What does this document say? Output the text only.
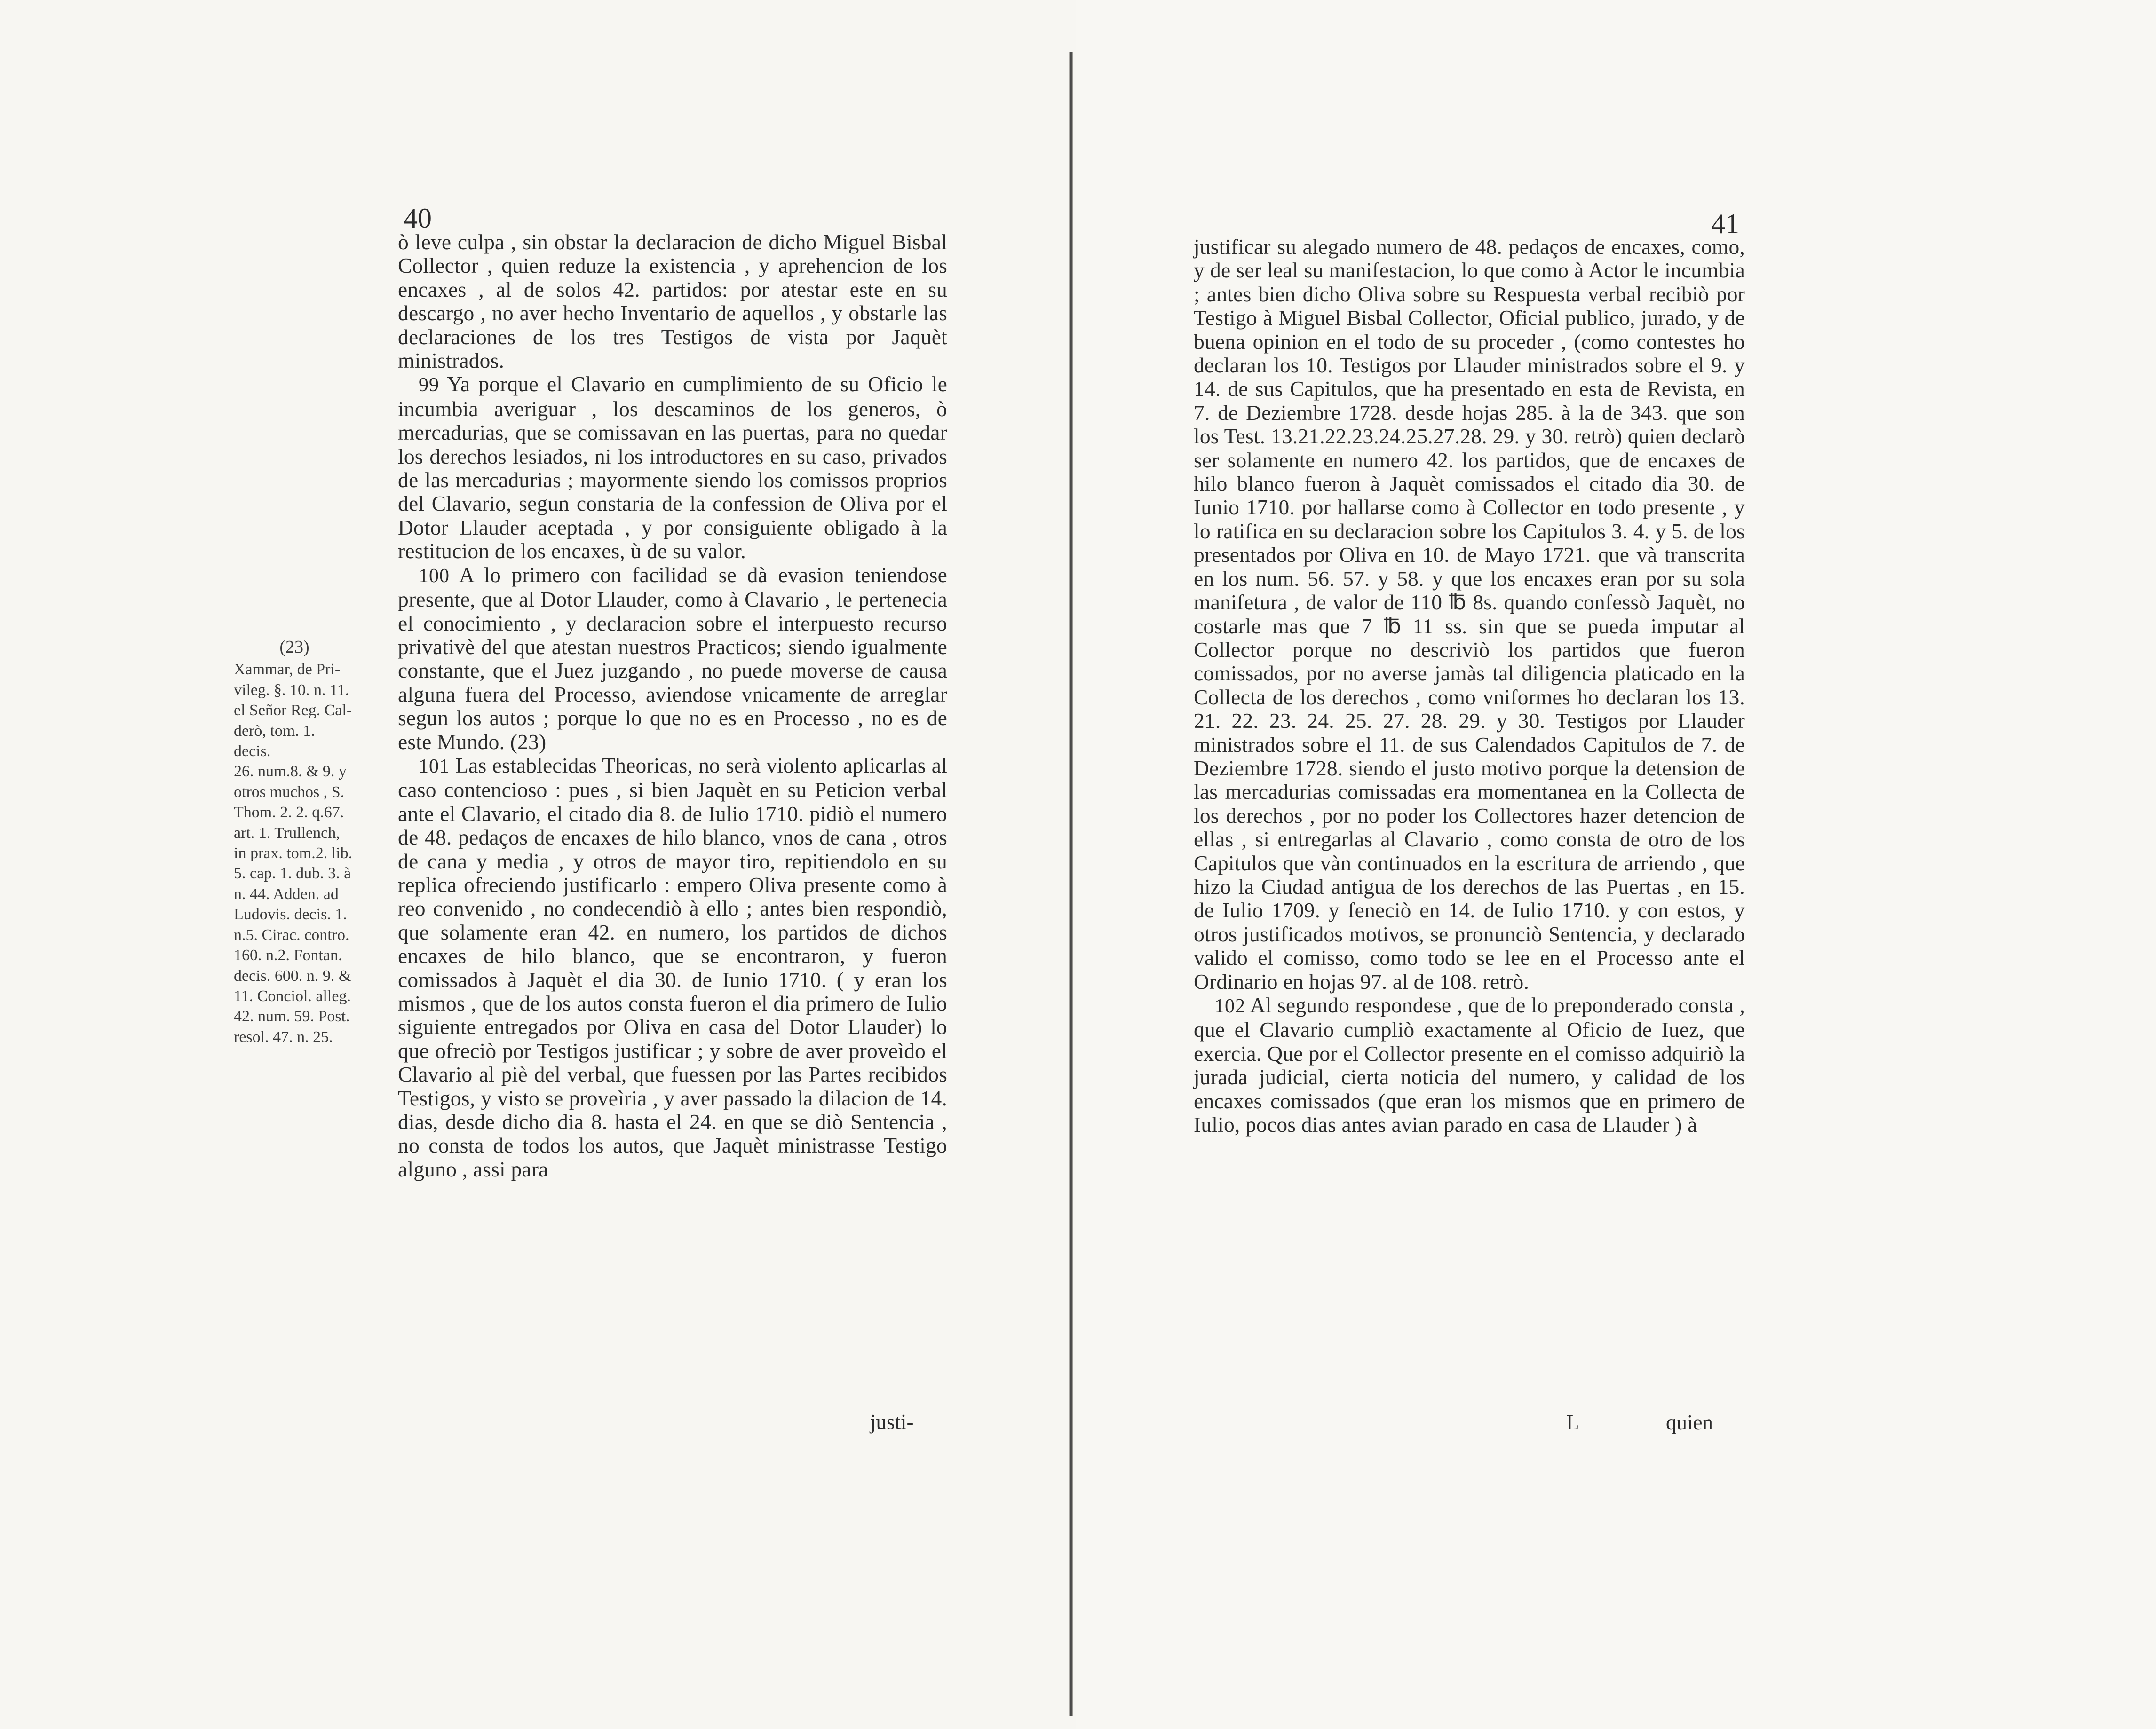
40
(23)
Xammar, de Pri-
vileg. §. 10. n. 11.
el Señor Reg. Cal-
derò, tom. 1. decis.
26. num.8. & 9. y
otros muchos , S.
Thom. 2. 2. q.67.
art. 1. Trullench,
in prax. tom.2. lib.
5. cap. 1. dub. 3. à
n. 44. Adden. ad
Ludovis. decis. 1.
n.5. Cirac. contro.
160. n.2. Fontan.
decis. 600. n. 9. &
11. Conciol. alleg.
42. num. 59. Post.
resol. 47. n. 25.

ò leve culpa , sin obstar la declaracion de dicho Miguel Bisbal Collector , quien reduze la existencia , y aprehencion de los encaxes , al de solos 42. partidos: por atestar este en su descargo , no aver hecho Inventario de aquellos , y obstarle las declaraciones de los tres Testigos de vista por Jaquèt ministrados.

99 Ya porque el Clavario en cumplimiento de su Oficio le incumbia averiguar , los descaminos de los generos, ò mercadurias, que se comissavan en las puertas, para no quedar los derechos lesiados, ni los introductores en su caso, privados de las mercadurias ; mayormente siendo los comissos proprios del Clavario, segun constaria de la confession de Oliva por el Dotor Llauder aceptada , y por consiguiente obligado à la restitucion de los encaxes, ù de su valor.

100 A lo primero con facilidad se dà evasion teniendose presente, que al Dotor Llauder, como à Clavario , le pertenecia el conocimiento , y declaracion sobre el interpuesto recurso privativè del que atestan nuestros Practicos; siendo igualmente constante, que el Juez juzgando , no puede moverse de causa alguna fuera del Processo, aviendose vnicamente de arreglar segun los autos ; porque lo que no es en Processo , no es de este Mundo. (23)

101 Las establecidas Theoricas, no serà violento aplicarlas al caso contencioso : pues , si bien Jaquèt en su Peticion verbal ante el Clavario, el citado dia 8. de Iulio 1710. pidiò el numero de 48. pedaços de encaxes de hilo blanco, vnos de cana , otros de cana y media , y otros de mayor tiro, repitiendolo en su replica ofreciendo justificarlo : empero Oliva presente como à reo convenido , no condecendiò à ello ; antes bien respondiò, que solamente eran 42. en numero, los partidos de dichos encaxes de hilo blanco, que se encontraron, y fueron comissados à Jaquèt el dia 30. de Iunio 1710. ( y eran los mismos , que de los autos consta fueron el dia primero de Iulio siguiente entregados por Oliva en casa del Dotor Llauder) lo que ofreciò por Testigos justificar ; y sobre de aver proveìdo el Clavario al piè del verbal, que fuessen por las Partes recibidos Testigos, y visto se proveìria , y aver passado la dilacion de 14. dias, desde dicho dia 8. hasta el 24. en que se diò Sentencia , no consta de todos los autos, que Jaquèt ministrasse Testigo alguno , assi para

justi-
41

justificar su alegado numero de 48. pedaços de encaxes, como, y de ser leal su manifestacion, lo que como à Actor le incumbia ; antes bien dicho Oliva sobre su Respuesta verbal recibiò por Testigo à Miguel Bisbal Collector, Oficial publico, jurado, y de buena opinion en el todo de su proceder , (como contestes ho declaran los 10. Testigos por Llauder ministrados sobre el 9. y 14. de sus Capitulos, que ha presentado en esta de Revista, en 7. de Deziembre 1728. desde hojas 285. à la de 343. que son los Test. 13.21.22.23.24.25.27.28. 29. y 30. retrò) quien declarò ser solamente en numero 42. los partidos, que de encaxes de hilo blanco fueron à Jaquèt comissados el citado dia 30. de Iunio 1710. por hallarse como à Collector en todo presente , y lo ratifica en su declaracion sobre los Capitulos 3. 4. y 5. de los presentados por Oliva en 10. de Mayo 1721. que và transcrita en los num. 56. 57. y 58. y que los encaxes eran por su sola manifetura , de valor de 110 ℔ 8s. quando confessò Jaquèt, no costarle mas que 7 ℔ 11 ss. sin que se pueda imputar al Collector porque no descriviò los partidos que fueron comissados, por no averse jamàs tal diligencia platicado en la Collecta de los derechos , como vniformes ho declaran los 13. 21. 22. 23. 24. 25. 27. 28. 29. y 30. Testigos por Llauder ministrados sobre el 11. de sus Calendados Capitulos de 7. de Deziembre 1728. siendo el justo motivo porque la detension de las mercadurias comissadas era momentanea en la Collecta de los derechos , por no poder los Collectores hazer detencion de ellas , si entregarlas al Clavario , como consta de otro de los Capitulos que vàn continuados en la escritura de arriendo , que hizo la Ciudad antigua de los derechos de las Puertas , en 15. de Iulio 1709. y feneciò en 14. de Iulio 1710. y con estos, y otros justificados motivos, se pronunciò Sentencia, y declarado valido el comisso, como todo se lee en el Processo ante el Ordinario en hojas 97. al de 108. retrò.

102 Al segundo respondese , que de lo preponderado consta , que el Clavario cumpliò exactamente al Oficio de Iuez, que exercia. Que por el Collector presente en el comisso adquiriò la jurada judicial, cierta noticia del numero, y calidad de los encaxes comissados (que eran los mismos que en primero de Iulio, pocos dias antes avian parado en casa de Llauder ) à

L	quien
